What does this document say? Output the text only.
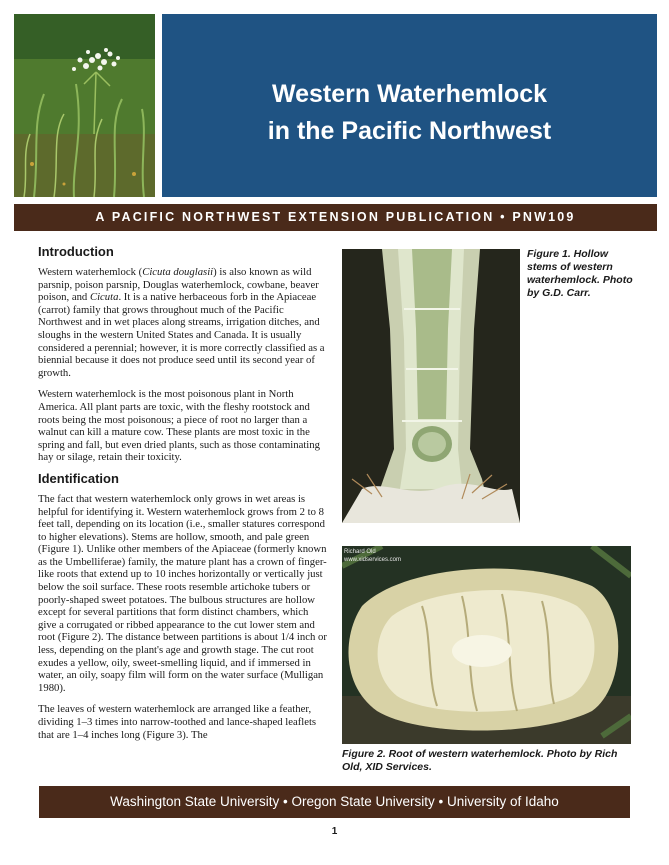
Western Waterhemlock
in the Pacific Northwest
A PACIFIC NORTHWEST EXTENSION PUBLICATION • PNW109
Introduction

Western waterhemlock (Cicuta douglasii) is also known as wild parsnip, poison parsnip, Douglas waterhemlock, cowbane, beaver poison, and Cicuta. It is a native herbaceous forb in the Apiaceae (carrot) family that grows throughout much of the Pacific Northwest and in wet places along streams, irrigation ditches, and sloughs in the western United States and Canada. It is usually considered a perennial; however, it is more correctly classified as a biennial because it does not produce seed until its second year of growth.

Western waterhemlock is the most poisonous plant in North America. All plant parts are toxic, with the fleshy rootstock and roots being the most poisonous; a piece of root no larger than a walnut can kill a mature cow. These plants are most toxic in the spring and fall, but even dried plants, such as those contaminating hay or silage, retain their toxicity.

Identification

The fact that western waterhemlock only grows in wet areas is helpful for identifying it. Western waterhemlock grows from 2 to 8 feet tall, depending on its location (i.e., smaller statures correspond to higher elevations). Stems are hollow, smooth, and pale green (Figure 1). Unlike other members of the Apiaceae (formerly known as the Umbelliferae) family, the mature plant has a crown of finger-like roots that extend up to 10 inches horizontally or vertically just below the soil surface. These roots resemble artichoke tubers or poorly-shaped sweet potatoes. The bulbous structures are hollow except for several partitions that form distinct chambers, which give a corrugated or ribbed appearance to the cut lower stem and root (Figure 2). The distance between partitions is about 1/4 inch or less, depending on the plant's age and growth stage. The cut root exudes a yellow, oily, sweet-smelling liquid, and if immersed in water, an oily, soapy film will form on the water surface (Mulligan 1980).

The leaves of western waterhemlock are arranged like a feather, dividing 1–3 times into narrow-toothed and lance-shaped leaflets that are 1–4 inches long (Figure 3). The

Figure 1. Hollow stems of western waterhemlock. Photo by G.D. Carr.
Richard Old
www.xidservices.com
Figure 2. Root of western waterhemlock. Photo by Rich Old, XID Services.
Washington State University • Oregon State University • University of Idaho
1
